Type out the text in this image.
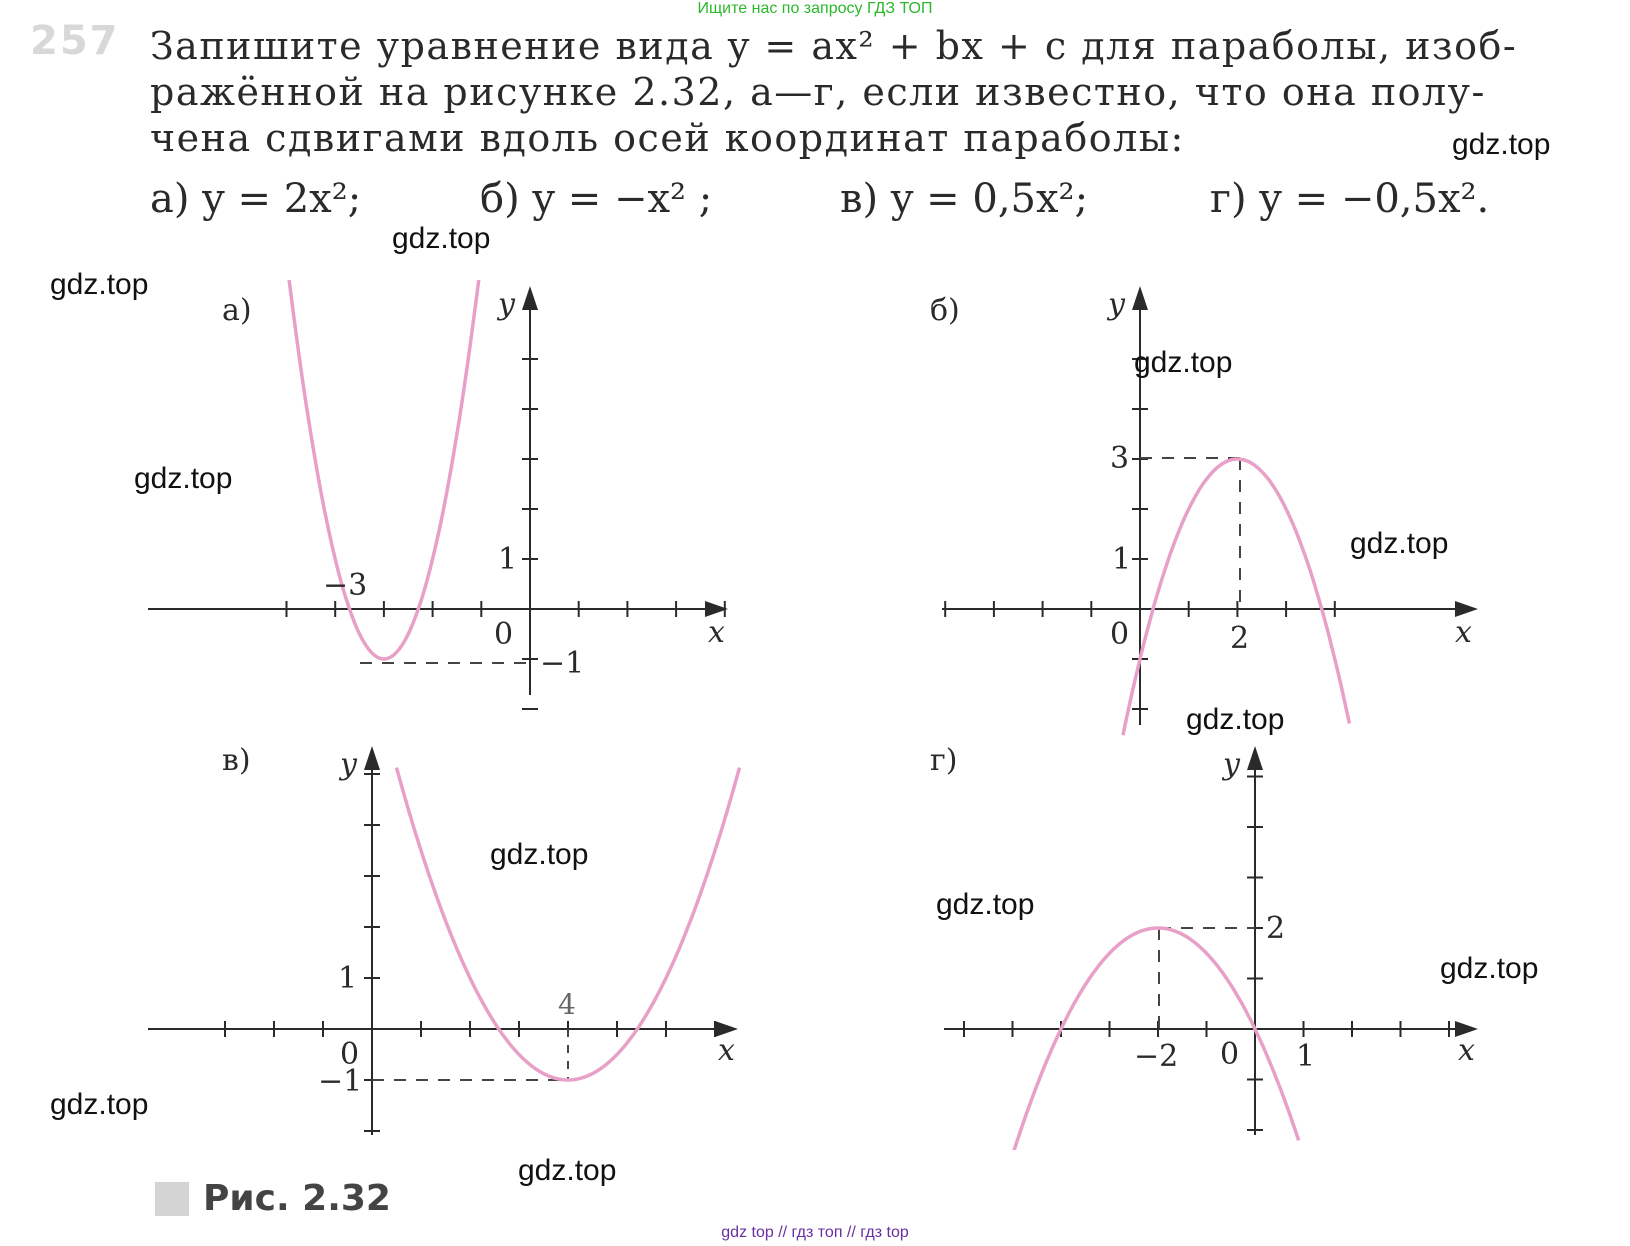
Ищите нас по запросу ГДЗ ТОП
257 Запишите уравнение вида y = ax² + bx + c для параболы, изоб-
ражённой на рисунке 2.32, а—г, если известно, что она полу-
чена сдвигами вдоль осей координат параболы:
а) y = 2x²;	б) y = −x² ;	в) y = 0,5x²;	г) y = −0,5x².
а)
x
y
−3
−1
1
0
б)
x
y
2
3
1
0
в)
x
y
4
−1
1
0
г)
x
y
−2
2
1
0
gdz.top
gdz.top
gdz.top
gdz.top
gdz.top
gdz.top
gdz.top
gdz.top
gdz.top
gdz.top
gdz.top
gdz.top
Рис. 2.32
gdz top // гдз топ // гдз top
